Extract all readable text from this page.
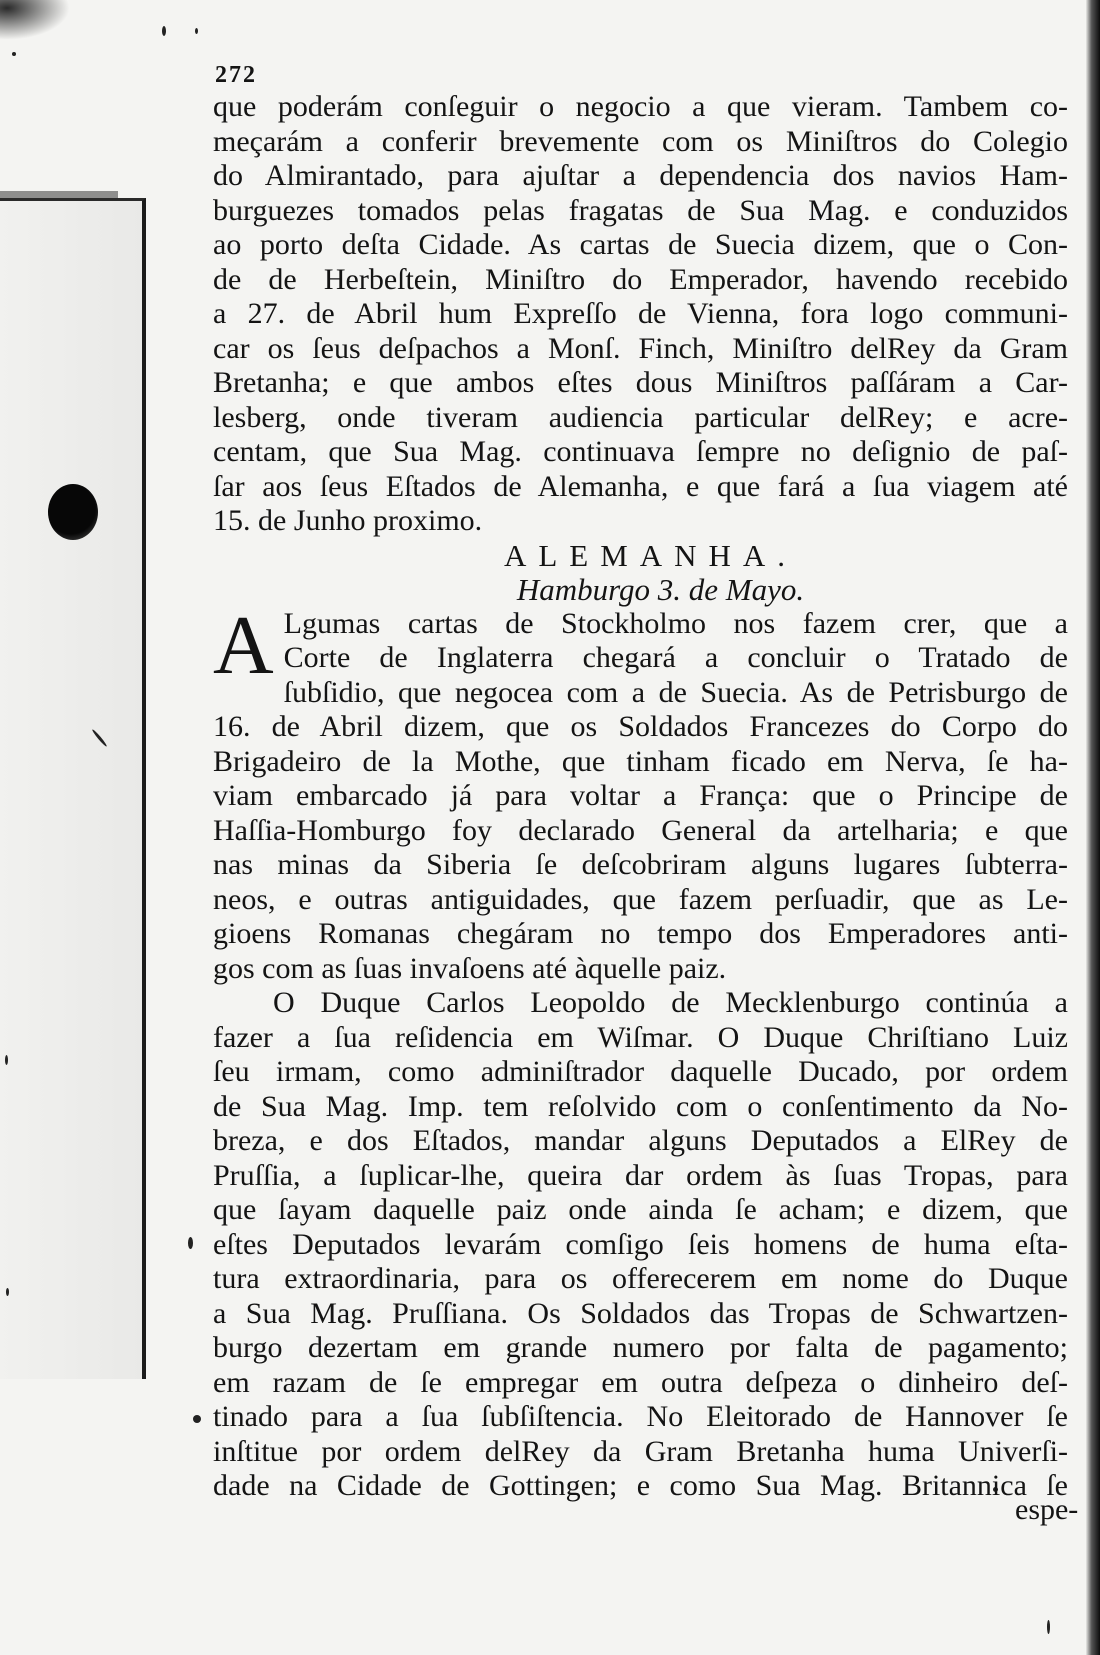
272

que poderám conſeguir o negocio a que vieram. Tambem co-

meçarám a conferir brevemente com os Miniſtros do Colegio

do Almirantado, para ajuſtar a dependencia dos navios Ham-

burguezes tomados pelas fragatas de Sua Mag. e conduzidos

ao porto deſta Cidade. As cartas de Suecia dizem, que o Con-

de de Herbeſtein, Miniſtro do Emperador, havendo recebido

a 27. de Abril hum Expreſſo de Vienna, fora logo communi-

car os ſeus deſpachos a Monſ. Finch, Miniſtro delRey da Gram

Bretanha; e que ambos eſtes dous Miniſtros paſſáram a Car-

lesberg, onde tiveram audiencia particular delRey; e acre-

centam, que Sua Mag. continuava ſempre no deſignio de paſ-

ſar aos ſeus Eſtados de Alemanha, e que fará a ſua viagem até

15. de Junho proximo.

ALEMANHA.
Hamburgo 3. de Mayo.
A Lgumas cartas de Stockholmo nos fazem crer, que a

Corte de Inglaterra chegará a concluir o Tratado de

ſubſidio, que negocea com a de Suecia. As de Petrisburgo de

16. de Abril dizem, que os Soldados Francezes do Corpo do

Brigadeiro de la Mothe, que tinham ficado em Nerva, ſe ha-

viam embarcado já para voltar a França: que o Principe de

Haſſia-Homburgo foy declarado General da artelharia; e que

nas minas da Siberia ſe deſcobriram alguns lugares ſubterra-

neos, e outras antiguidades, que fazem perſuadir, que as Le-

gioens Romanas chegáram no tempo dos Emperadores anti-

gos com as ſuas invaſoens até àquelle paiz.

O Duque Carlos Leopoldo de Mecklenburgo continúa a

fazer a ſua reſidencia em Wiſmar. O Duque Chriſtiano Luiz

ſeu irmam, como adminiſtrador daquelle Ducado, por ordem

de Sua Mag. Imp. tem reſolvido com o conſentimento da No-

breza, e dos Eſtados, mandar alguns Deputados a ElRey de

Pruſſia, a ſuplicar-lhe, queira dar ordem às ſuas Tropas, para

que ſayam daquelle paiz onde ainda ſe acham; e dizem, que

eſtes Deputados levarám comſigo ſeis homens de huma eſta-

tura extraordinaria, para os offerecerem em nome do Duque

a Sua Mag. Pruſſiana. Os Soldados das Tropas de Schwartzen-

burgo dezertam em grande numero por falta de pagamento;

em razam de ſe empregar em outra deſpeza o dinheiro deſ-

tinado para a ſua ſubſiſtencia. No Eleitorado de Hannover ſe

inſtitue por ordem delRey da Gram Bretanha huma Univerſi-

dade na Cidade de Gottingen; e como Sua Mag. Britannica ſe

espe-
